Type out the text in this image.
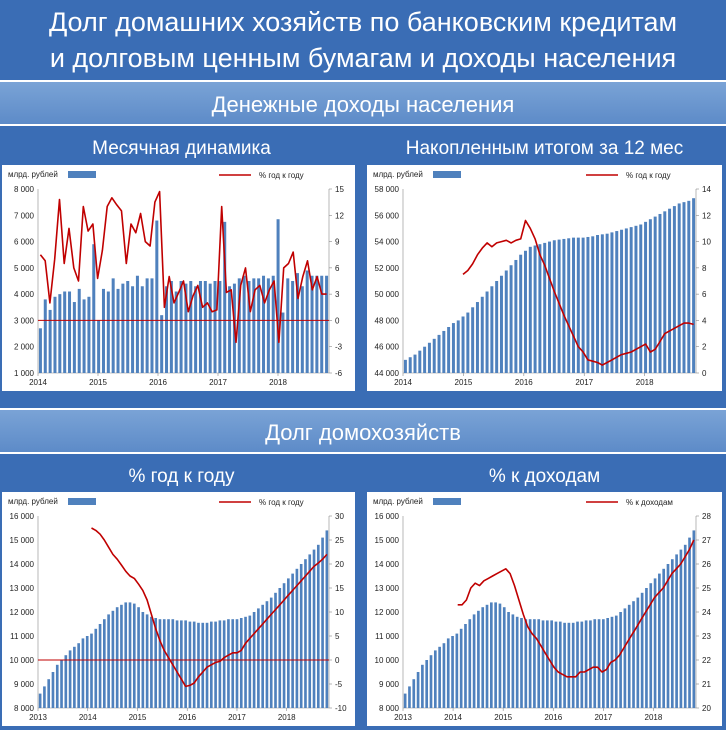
Долг домашних хозяйств по банковским кредитам
и долговым ценным бумагам и доходы населения
Денежные доходы населения
Месячная динамика	Накопленным итогом за 12 мес
млрд. рублей	% год к году
1 000
2 000
3 000
4 000
5 000
6 000
7 000
8 000
-6
-3
0
3
6
9
12
15
2014	2015	2016	2017	2018
млрд. рублей	% год к году
44 000
46 000
48 000
50 000
52 000
54 000
56 000
58 000
0
2
4
6
8
10
12
14
2014	2015	2016	2017	2018
Долг домохозяйств
% год к году	% к доходам
млрд. рублей	% год к году
8 000
9 000
10 000
11 000
12 000
13 000
14 000
15 000
16 000
-10
-5
0
5
10
15
20
25
30
2013	2014	2015	2016	2017	2018
млрд. рублей	% к доходам
8 000
9 000
10 000
11 000
12 000
13 000
14 000
15 000
16 000
20
21
22
23
24
25
26
27
28
2013	2014	2015	2016	2017	2018
